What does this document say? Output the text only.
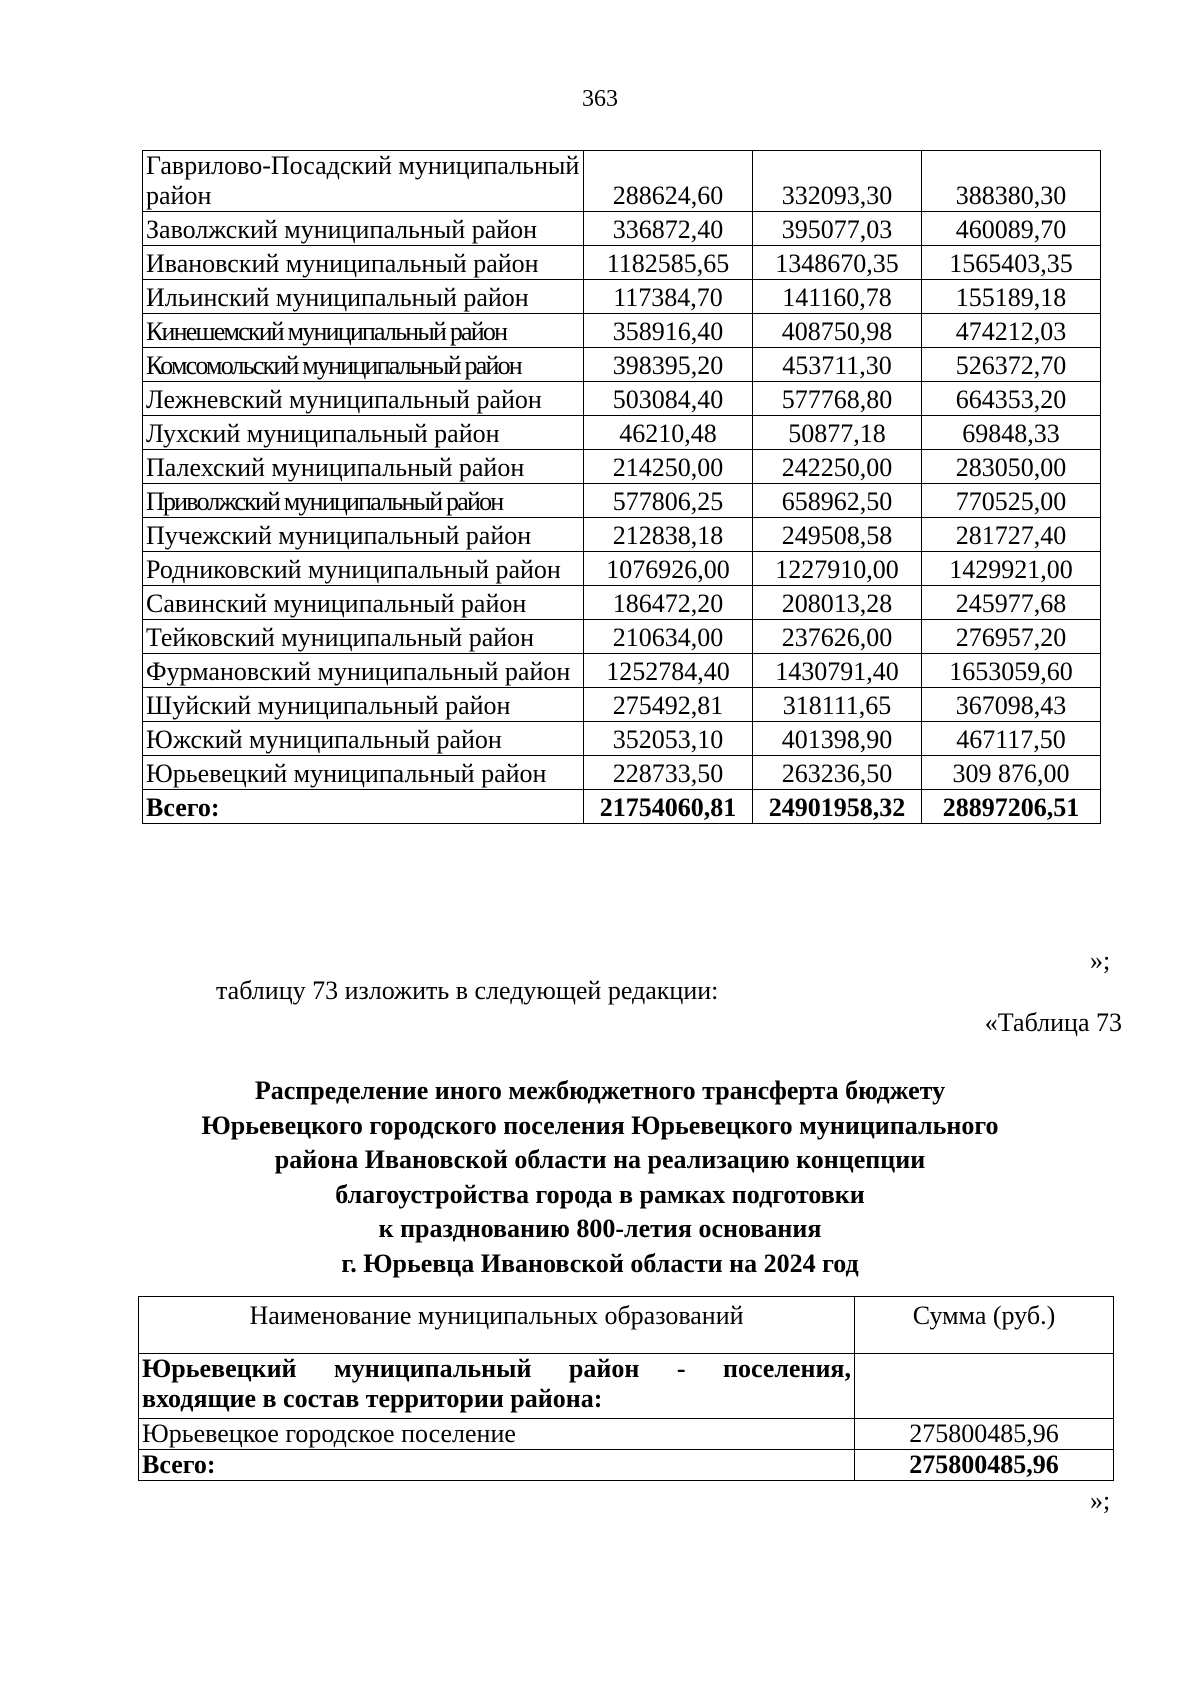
363
Гаврилово-Посадский муниципальный район	288624,60	332093,30	388380,30
Заволжский муниципальный район	336872,40	395077,03	460089,70
Ивановский муниципальный район	1182585,65	1348670,35	1565403,35
Ильинский муниципальный район	117384,70	141160,78	155189,18
Кинешемский муниципальный район	358916,40	408750,98	474212,03
Комсомольский муниципальный район	398395,20	453711,30	526372,70
Лежневский муниципальный район	503084,40	577768,80	664353,20
Лухский муниципальный район	46210,48	50877,18	69848,33
Палехский муниципальный район	214250,00	242250,00	283050,00
Приволжский муниципальный район	577806,25	658962,50	770525,00
Пучежский муниципальный район	212838,18	249508,58	281727,40
Родниковский муниципальный район	1076926,00	1227910,00	1429921,00
Савинский муниципальный район	186472,20	208013,28	245977,68
Тейковский муниципальный район	210634,00	237626,00	276957,20
Фурмановский муниципальный район	1252784,40	1430791,40	1653059,60
Шуйский муниципальный район	275492,81	318111,65	367098,43
Южский муниципальный район	352053,10	401398,90	467117,50
Юрьевецкий муниципальный район	228733,50	263236,50	309 876,00
Всего:	21754060,81	24901958,32	28897206,51
»;
таблицу 73 изложить в следующей редакции:
«Таблица 73
Распределение иного межбюджетного трансферта бюджету
Юрьевецкого городского поселения Юрьевецкого муниципального
района Ивановской области на реализацию концепции
благоустройства города в рамках подготовки
к празднованию 800-летия основания
г. Юрьевца Ивановской области на 2024 год
Наименование муниципальных образований	Сумма (руб.)

Юрьевецкий муниципальный район - поселения,
входящие в состав территории района:	

Юрьевецкое городское поселение	275800485,96
Всего:	275800485,96
»;
